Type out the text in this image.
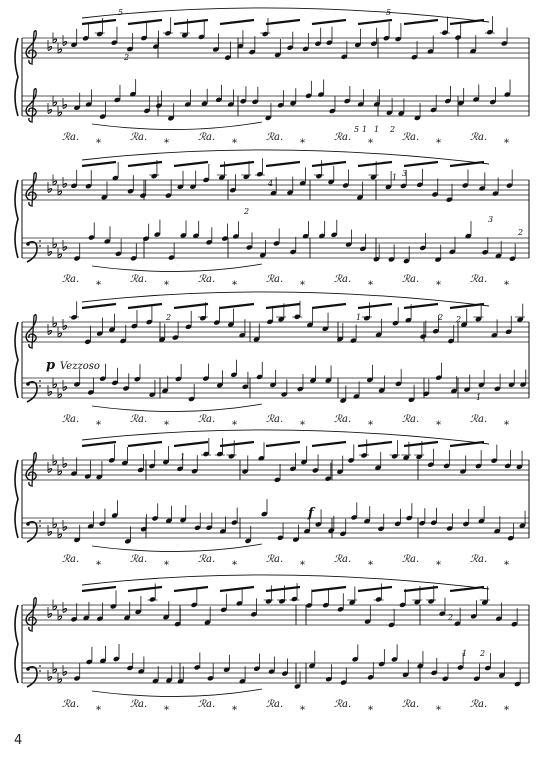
ℛa.
*
ℛa.
*
ℛa.
*
ℛa.
*
ℛa.
*
ℛa.
*
ℛa.
*
ℛa.
*
ℛa.
*
ℛa.
*
ℛa.
*
ℛa.
*
ℛa.
*
ℛa.
*
ℛa.
*
ℛa.
*
ℛa.
*
ℛa.
*
ℛa.
*
ℛa.
*
ℛa.
*
ℛa.
*
ℛa.
*
ℛa.
*
ℛa.
*
ℛa.
*
ℛa.
*
ℛa.
*
ℛa.
*
ℛa.
*
ℛa.
*
ℛa.
*
ℛa.
*
ℛa.
*
ℛa.
*
p Vezzoso
f
5
2
5
1 2
5 1
1 3
4
2
2
3
2	1	2 2
1
1
2
2
1
4
